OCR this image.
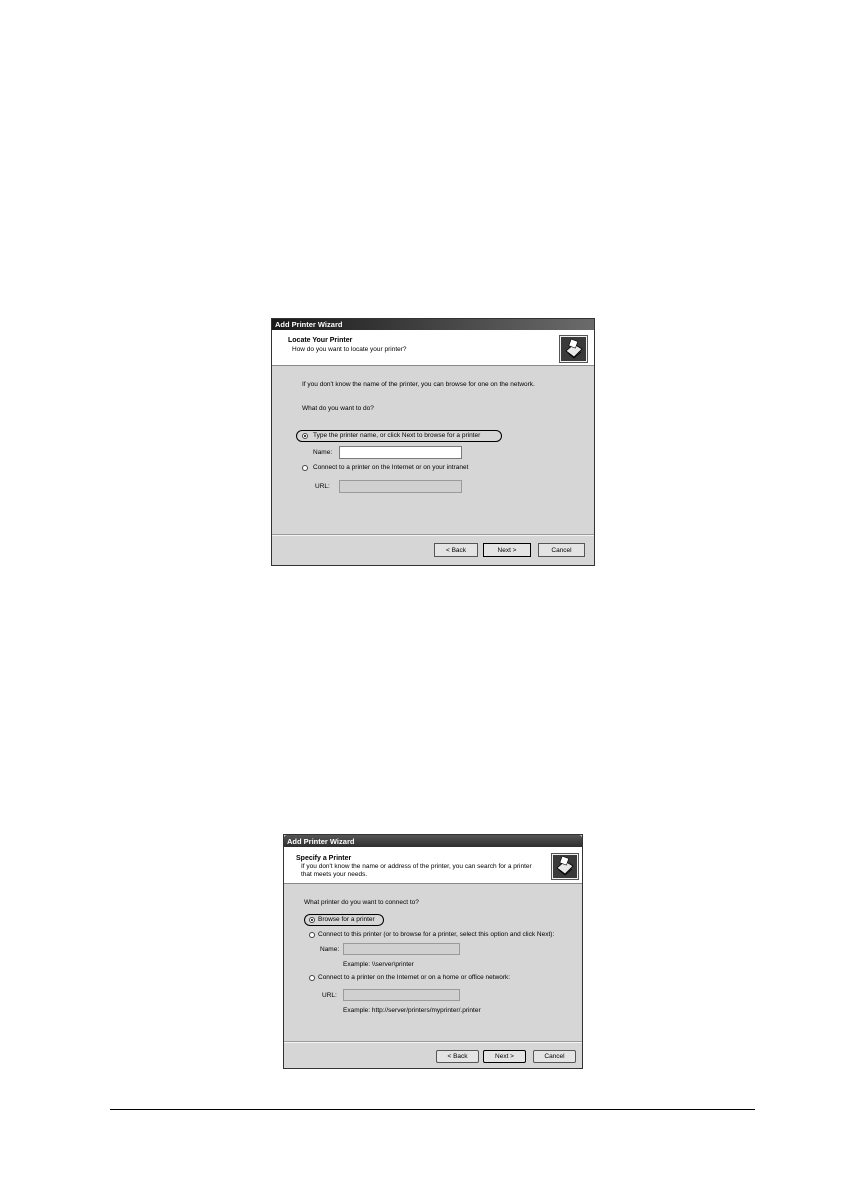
Add Printer Wizard
Locate Your Printer
How do you want to locate your printer?
If you don't know the name of the printer, you can browse for one on the network.
What do you want to do?
Type the printer name, or click Next to browse for a printer
Name:
Connect to a printer on the Internet or on your intranet
URL:
< Back	Next >	Cancel
Add Printer Wizard
Specify a Printer
If you don't know the name or address of the printer, you can search for a printer
that meets your needs.
What printer do you want to connect to?
Browse for a printer
Connect to this printer (or to browse for a printer, select this option and click Next):
Name:
Example: \\server\printer
Connect to a printer on the Internet or on a home or office network:
URL:
Example: http://server/printers/myprinter/.printer
< Back	Next >	Cancel
